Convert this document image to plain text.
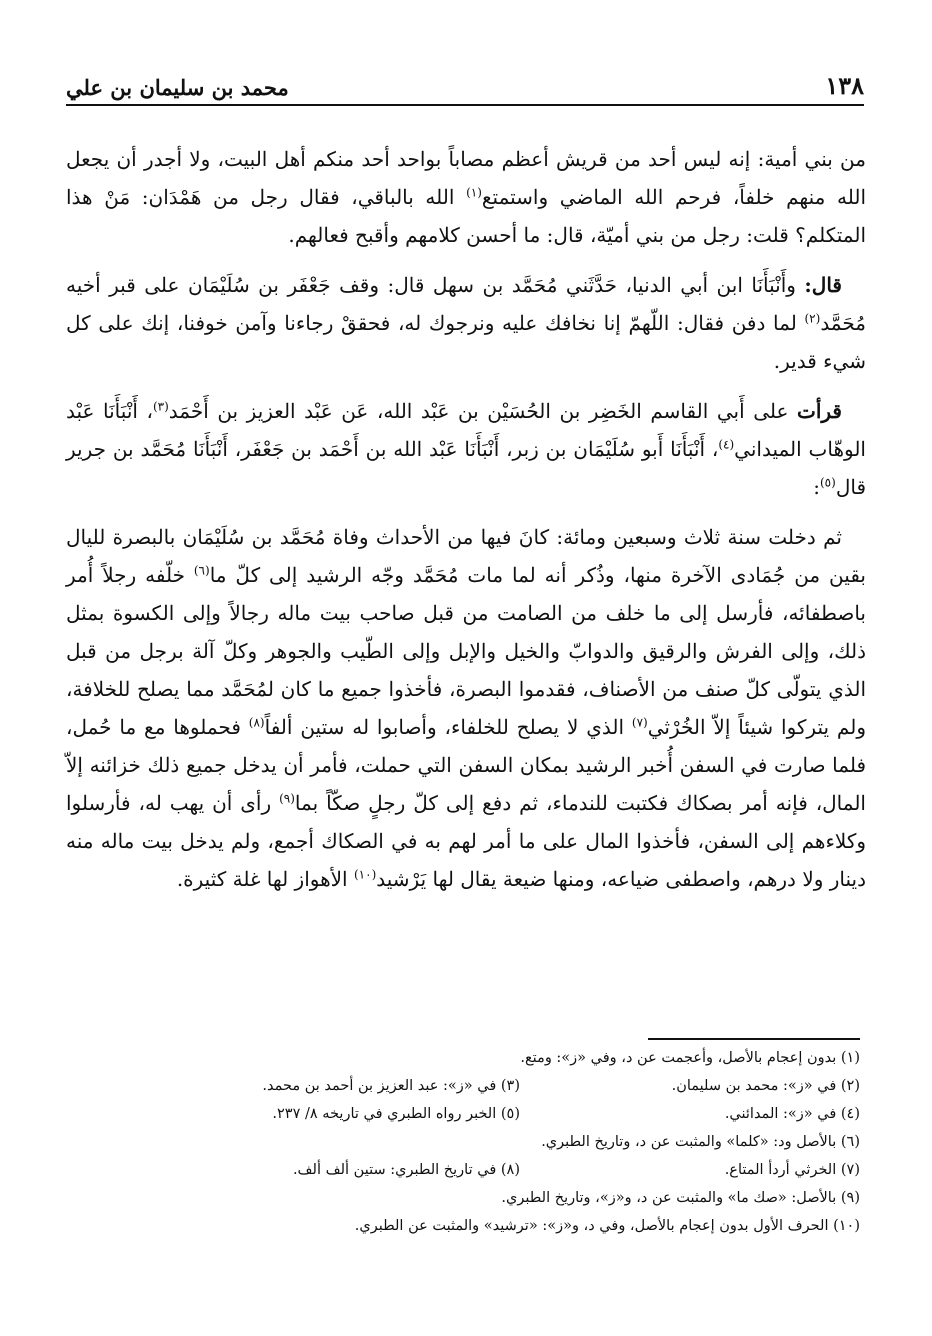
١٣٨
محمد بن سليمان بن علي

من بني أمية: إنه ليس أحد من قريش أعظم مصاباً بواحد أحد منكم أهل البيت، ولا أجدر أن يجعل الله منهم خلفاً، فرحم الله الماضي واستمتع$^{(١)}$ الله بالباقي، فقال رجل من هَمْدَان: مَنْ هذا المتكلم؟ قلت: رجل من بني أميّة، قال: ما أحسن كلامهم وأقبح فعالهم.

قال: وأَنْبَأَنَا ابن أبي الدنيا، حَدَّثَني مُحَمَّد بن سهل قال: وقف جَعْفَر بن سُلَيْمَان على قبر أخيه مُحَمَّد$^{(٢)}$ لما دفن فقال: اللّهمّ إنا نخافك عليه ونرجوك له، فحققْ رجاءنا وآمن خوفنا، إنك على كل شيء قدير.

قرأت على أَبي القاسم الخَضِر بن الحُسَيْن بن عَبْد الله، عَن عَبْد العزيز بن أَحْمَد$^{(٣)}$، أَنْبَأَنَا عَبْد الوهّاب الميداني$^{(٤)}$، أَنْبَأَنَا أَبو سُلَيْمَان بن زبر، أَنْبَأَنَا عَبْد الله بن أَحْمَد بن جَعْفَر، أَنْبَأَنَا مُحَمَّد بن جرير قال$^{(٥)}$:

ثم دخلت سنة ثلاث وسبعين ومائة: كانَ فيها من الأحداث وفاة مُحَمَّد بن سُلَيْمَان بالبصرة لليال بقين من جُمَادى الآخرة منها، وذُكر أنه لما مات مُحَمَّد وجّه الرشيد إلى كلّ ما$^{(٦)}$ خلّفه رجلاً أُمر باصطفائه، فأرسل إلى ما خلف من الصامت من قبل صاحب بيت ماله رجالاً وإلى الكسوة بمثل ذلك، وإلى الفرش والرقيق والدوابّ والخيل والإبل وإلى الطّيب والجوهر وكلّ آلة برجل من قبل الذي يتولّى كلّ صنف من الأصناف، فقدموا البصرة، فأخذوا جميع ما كان لمُحَمَّد مما يصلح للخلافة، ولم يتركوا شيئاً إلاّ الخُرْثي$^{(٧)}$ الذي لا يصلح للخلفاء، وأصابوا له ستين ألفاً$^{(٨)}$ فحملوها مع ما حُمل، فلما صارت في السفن أُخبر الرشيد بمكان السفن التي حملت، فأمر أن يدخل جميع ذلك خزائنه إلاّ المال، فإنه أمر بصكاك فكتبت للندماء، ثم دفع إلى كلّ رجلٍ صكّاً بما$^{(٩)}$ رأى أن يهب له، فأرسلوا وكلاءهم إلى السفن، فأخذوا المال على ما أمر لهم به في الصكاك أجمع، ولم يدخل بيت ماله منه دينار ولا درهم، واصطفى ضياعه، ومنها ضيعة يقال لها يَرْشيد$^{(١٠)}$ الأهواز لها غلة كثيرة.

(١) بدون إعجام بالأصل، وأعجمت عن د، وفي «ز»: ومتع.
(٢) في «ز»: محمد بن سليمان.
(٣) في «ز»: عبد العزيز بن أحمد بن محمد.
(٤) في «ز»: المدائني.
(٥) الخبر رواه الطبري في تاريخه ٨/ ٢٣٧.
(٦) بالأصل ود: «كلما» والمثبت عن د، وتاريخ الطبري.
(٧) الخرثي أردأ المتاع.
(٨) في تاريخ الطبري: ستين ألف ألف.
(٩) بالأصل: «صك ما» والمثبت عن د، و«ز»، وتاريخ الطبري.
(١٠) الحرف الأول بدون إعجام بالأصل، وفي د، و«ز»: «ترشيد» والمثبت عن الطبري.
